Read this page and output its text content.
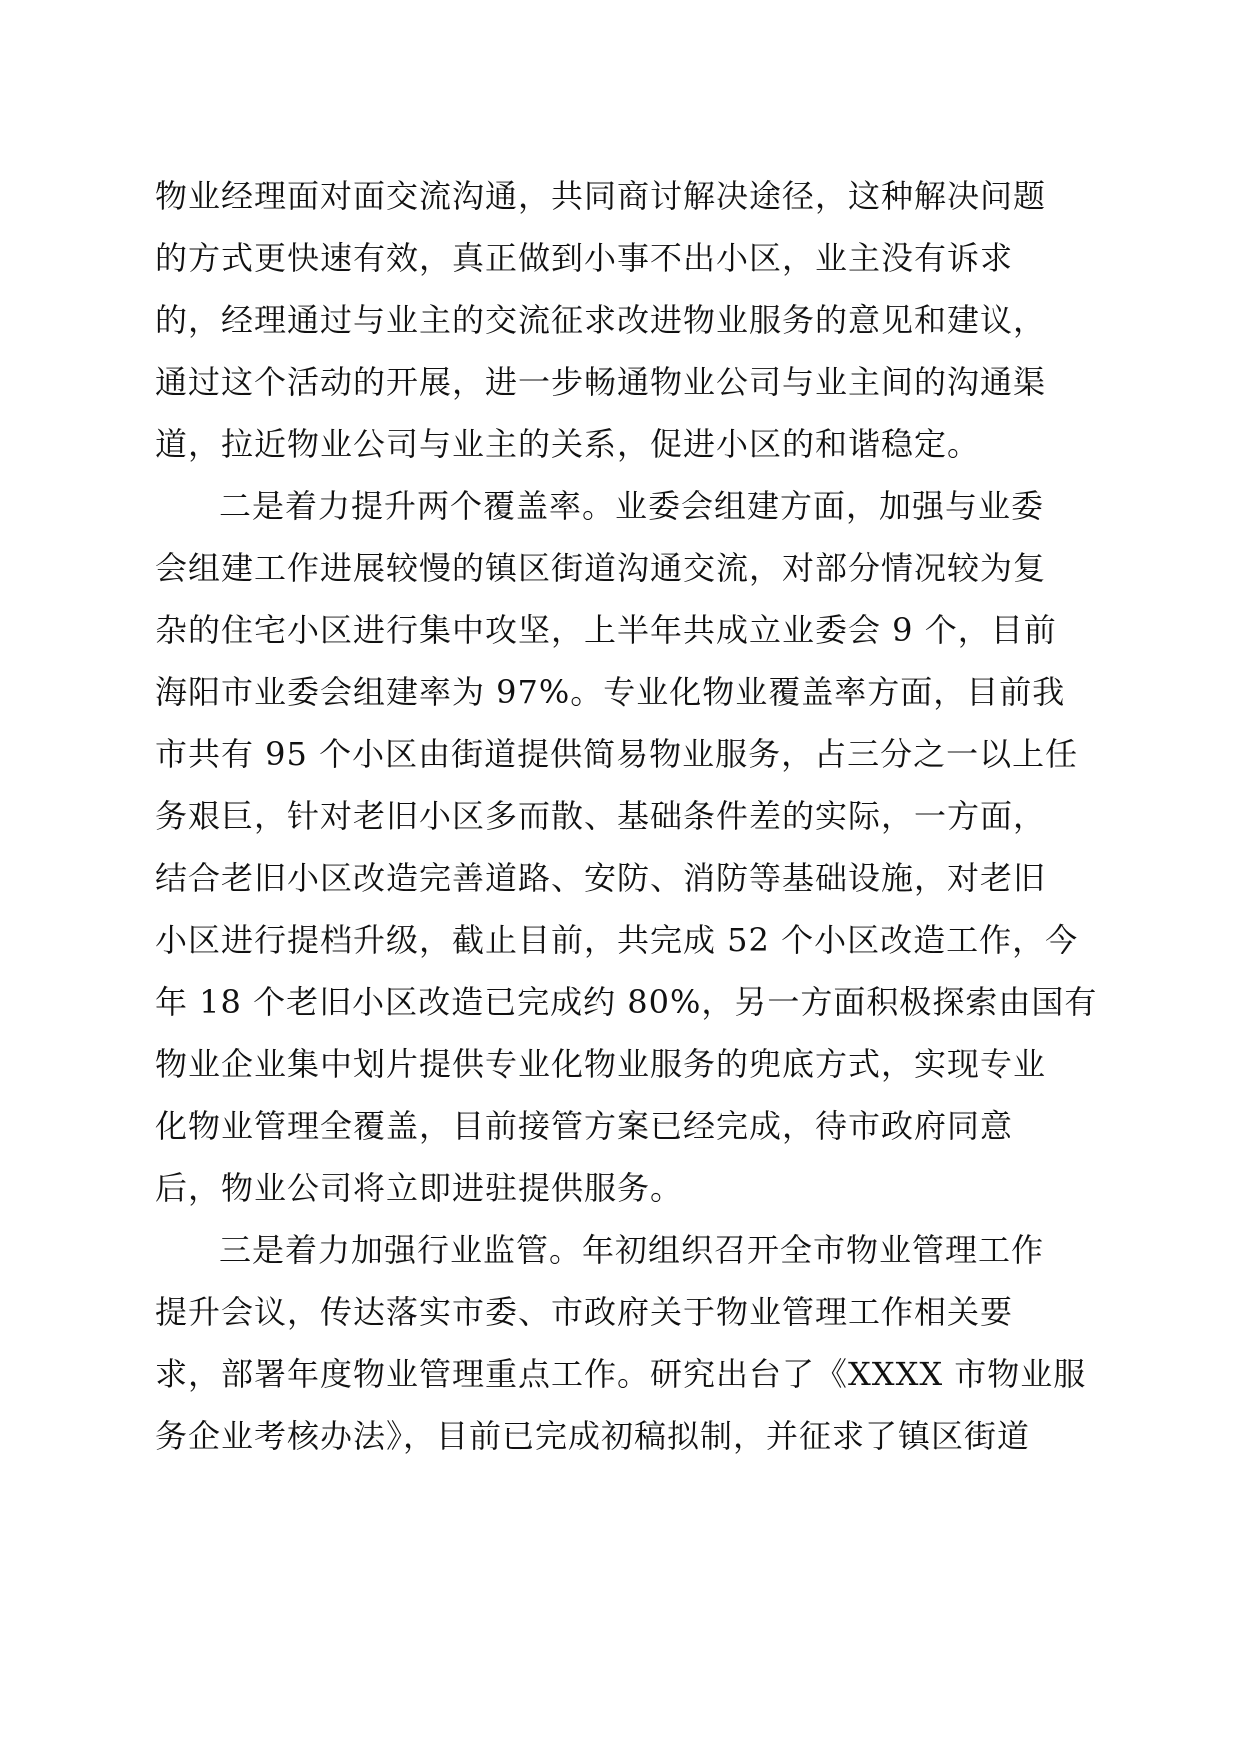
物业经理面对面交流沟通，共同商讨解决途径，这种解决问题
的方式更快速有效，真正做到小事不出小区，业主没有诉求
的，经理通过与业主的交流征求改进物业服务的意见和建议，
通过这个活动的开展，进一步畅通物业公司与业主间的沟通渠
道，拉近物业公司与业主的关系，促进小区的和谐稳定。
二是着力提升两个覆盖率。业委会组建方面，加强与业委
会组建工作进展较慢的镇区街道沟通交流，对部分情况较为复
杂的住宅小区进行集中攻坚，上半年共成立业委会 9 个，目前
海阳市业委会组建率为 97%。专业化物业覆盖率方面，目前我
市共有 95 个小区由街道提供简易物业服务，占三分之一以上任
务艰巨，针对老旧小区多而散、基础条件差的实际，一方面，
结合老旧小区改造完善道路、安防、消防等基础设施，对老旧
小区进行提档升级，截止目前，共完成 52 个小区改造工作，今
年 18 个老旧小区改造已完成约 80%，另一方面积极探索由国有
物业企业集中划片提供专业化物业服务的兜底方式，实现专业
化物业管理全覆盖，目前接管方案已经完成，待市政府同意
后，物业公司将立即进驻提供服务。
三是着力加强行业监管。年初组织召开全市物业管理工作
提升会议，传达落实市委、市政府关于物业管理工作相关要
求，部署年度物业管理重点工作。研究出台了《XXXX 市物业服
务企业考核办法》，目前已完成初稿拟制，并征求了镇区街道
